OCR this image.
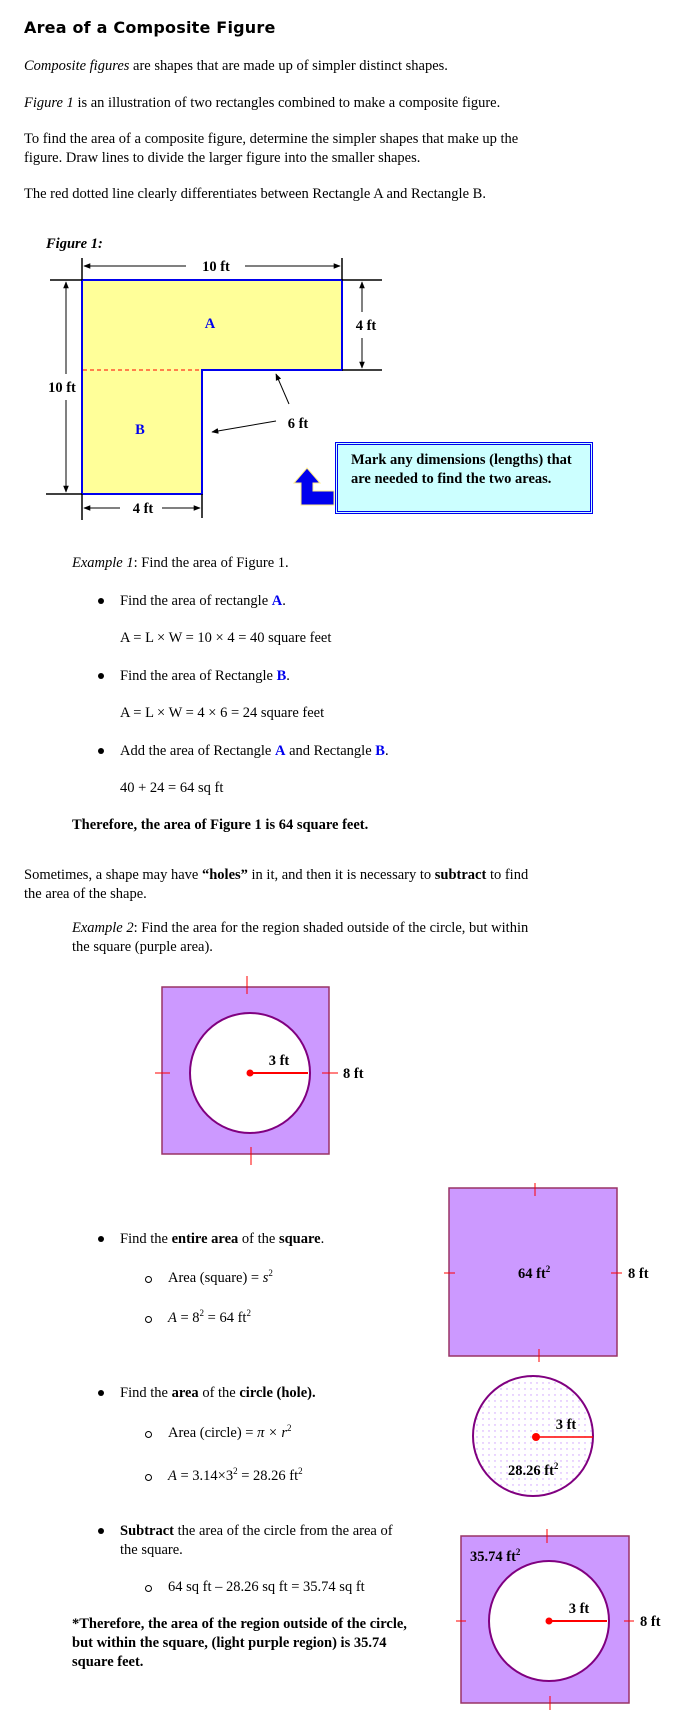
Area of a Composite Figure
Composite figures are shapes that are made up of simpler distinct shapes.
Figure 1 is an illustration of two rectangles combined to make a composite figure.
To find the area of a composite figure, determine the simpler shapes that make up the
figure. Draw lines to divide the larger figure into the smaller shapes.
The red dotted line clearly differentiates between Rectangle A and Rectangle B.
Figure 1:
A
B
10 ft
4 ft
10 ft
6 ft
4 ft
Mark any dimensions (lengths) that are needed to find the two areas.
Example 1: Find the area of Figure 1.
Find the area of rectangle A.
A = L × W = 10 × 4 = 40 square feet
Find the area of Rectangle B.
A = L × W = 4 × 6 = 24 square feet
Add the area of Rectangle A and Rectangle B.
40 + 24 = 64 sq ft
Therefore, the area of Figure 1 is 64 square feet.
Sometimes, a shape may have “holes” in it, and then it is necessary to subtract to find
the area of the shape.
Example 2: Find the area for the region shaded outside of the circle, but within
the square (purple area).
3 ft
8 ft
64 $ft^2$	8 ft
3 ft
28.26 $ft^2$
3 ft
35.74 $ft^2$
8 ft
Find the entire area of the square.
Area (square) = $s^2$
$A = 8^2 = 64$ $ft^2$
Find the area of the circle (hole).
Area (circle) = $\pi \times r^2$
$A = 3.14\times 3^2 = 28.26$ $ft^2$
Subtract the area of the circle from the area of
the square.
64 sq ft – 28.26 sq ft = 35.74 sq ft
*Therefore, the area of the region outside of the circle,
but within the square, (light purple region) is 35.74
square feet.
